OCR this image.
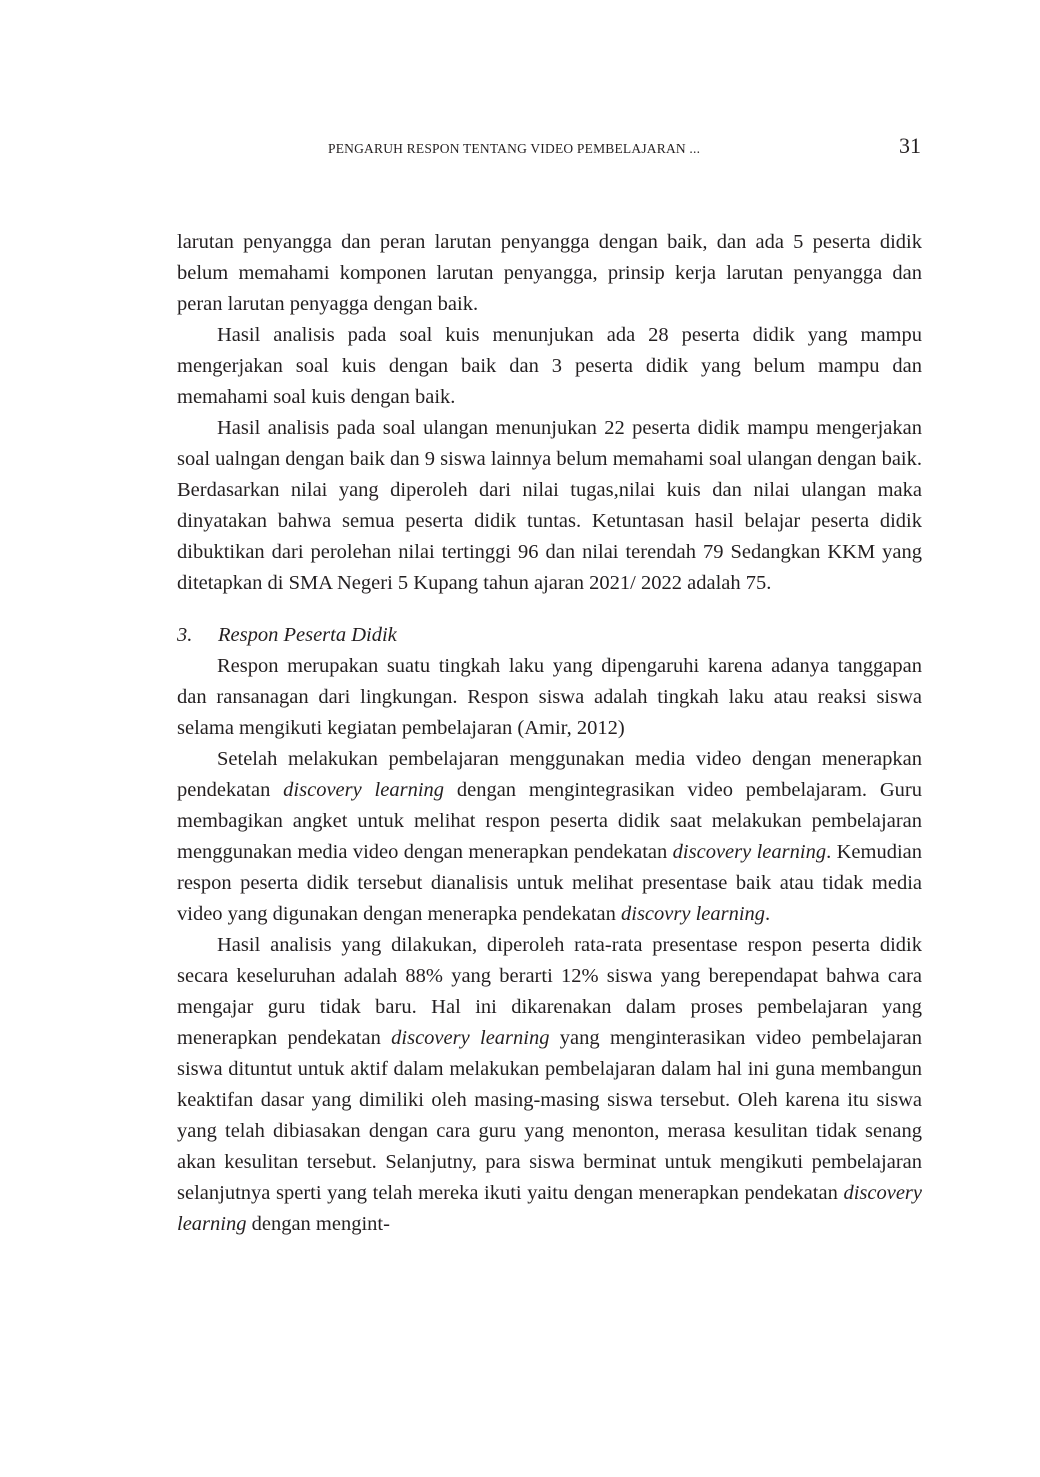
PENGARUH RESPON TENTANG VIDEO PEMBELAJARAN ...	31

larutan penyangga dan peran larutan penyangga dengan baik, dan ada 5 peserta didik belum memahami komponen larutan penyangga, prinsip kerja larutan penyangga dan peran larutan penyagga dengan baik.

Hasil analisis pada soal kuis menunjukan ada 28 peserta didik yang mampu mengerjakan soal kuis dengan baik dan 3 peserta didik yang belum mampu dan memahami soal kuis dengan baik.

Hasil analisis pada soal ulangan menunjukan 22 peserta didik mampu mengerjakan soal ualngan dengan baik dan 9 siswa lainnya belum memahami soal ulangan dengan baik. Berdasarkan nilai yang diperoleh dari nilai tugas,nilai kuis dan nilai ulangan maka dinyatakan bahwa semua peserta didik tuntas. Ketuntasan hasil belajar peserta didik dibuktikan dari perolehan nilai tertinggi 96 dan nilai terendah 79 Sedangkan KKM yang ditetapkan di SMA Negeri 5 Kupang tahun ajaran 2021/ 2022 adalah 75.

3. Respon Peserta Didik

Respon merupakan suatu tingkah laku yang dipengaruhi karena adanya tanggapan dan ransanagan dari lingkungan. Respon siswa adalah tingkah laku atau reaksi siswa selama mengikuti kegiatan pembelajaran (Amir, 2012)

Setelah melakukan pembelajaran menggunakan media video dengan menerapkan pendekatan discovery learning dengan mengintegrasikan video pembelajaram. Guru membagikan angket untuk melihat respon peserta didik saat melakukan pembelajaran menggunakan media video dengan menerapkan pendekatan discovery learning. Kemudian respon peserta didik tersebut dianalisis untuk melihat presentase baik atau tidak media video yang digunakan dengan menerapka pendekatan discovry learning.

Hasil analisis yang dilakukan, diperoleh rata-rata presentase respon peserta didik secara keseluruhan adalah 88% yang berarti 12% siswa yang berependapat bahwa cara mengajar guru tidak baru. Hal ini dikarenakan dalam proses pembelajaran yang menerapkan pendekatan discovery learning yang menginterasikan video pembelajaran siswa dituntut untuk aktif dalam melakukan pembelajaran dalam hal ini guna membangun keaktifan dasar yang dimiliki oleh masing-masing siswa tersebut. Oleh karena itu siswa yang telah dibiasakan dengan cara guru yang menonton, merasa kesulitan tidak senang akan kesulitan tersebut. Selanjutny, para siswa berminat untuk mengikuti pembelajaran selanjutnya sperti yang telah mereka ikuti yaitu dengan menerapkan pendekatan discovery learning dengan mengint-
